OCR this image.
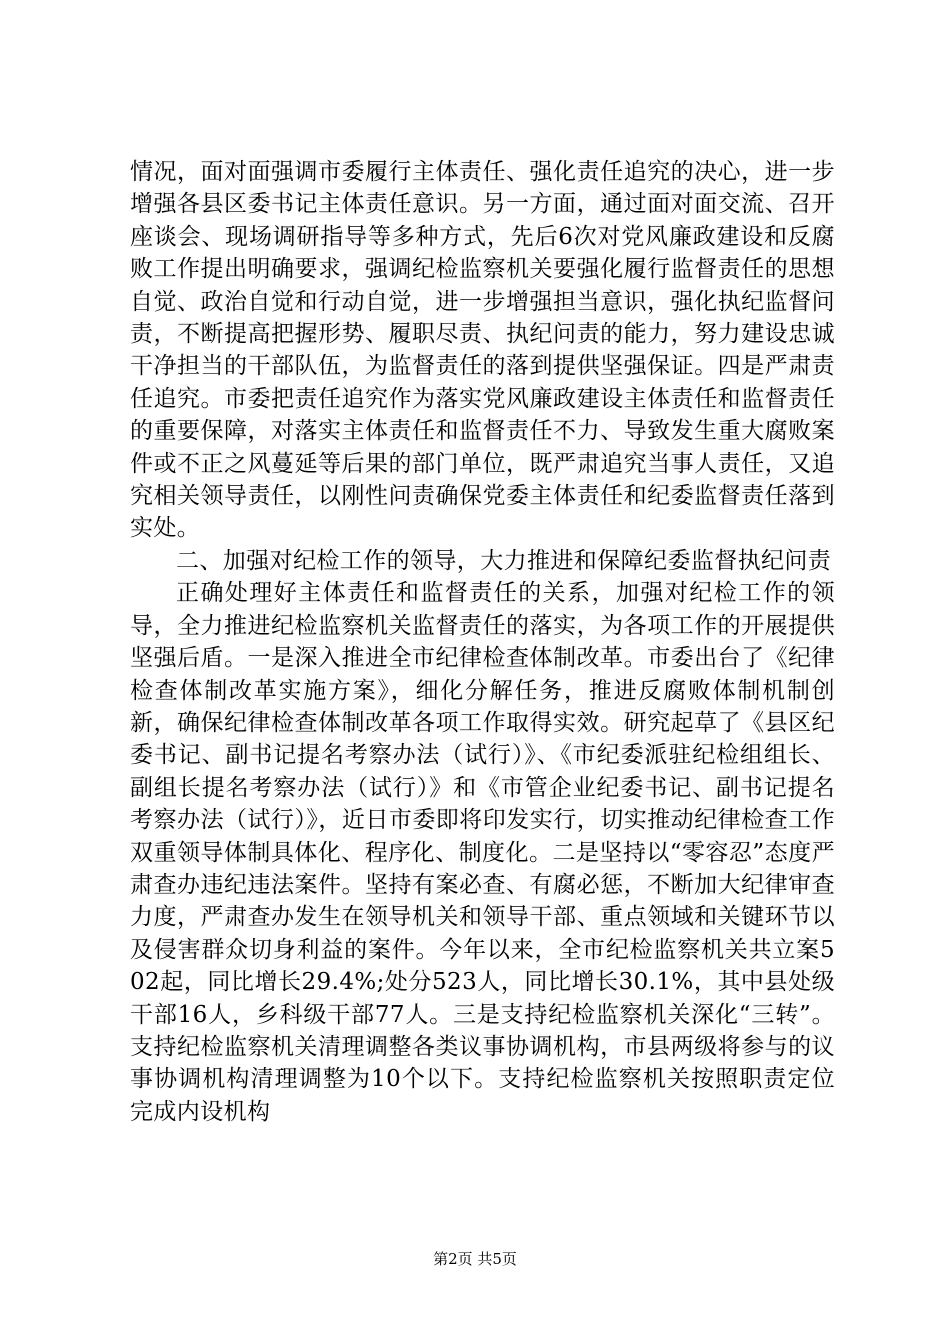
情况，面对面强调市委履行主体责任、强化责任追究的决心，进一步增强各县区委书记主体责任意识。另一方面，通过面对面交流、召开座谈会、现场调研指导等多种方式，先后6次对党风廉政建设和反腐败工作提出明确要求，强调纪检监察机关要强化履行监督责任的思想自觉、政治自觉和行动自觉，进一步增强担当意识，强化执纪监督问责，不断提高把握形势、履职尽责、执纪问责的能力，努力建设忠诚干净担当的干部队伍，为监督责任的落到提供坚强保证。四是严肃责任追究。市委把责任追究作为落实党风廉政建设主体责任和监督责任的重要保障，对落实主体责任和监督责任不力、导致发生重大腐败案件或不正之风蔓延等后果的部门单位，既严肃追究当事人责任，又追究相关领导责任，以刚性问责确保党委主体责任和纪委监督责任落到实处。

二、加强对纪检工作的领导，大力推进和保障纪委监督执纪问责

正确处理好主体责任和监督责任的关系，加强对纪检工作的领导，全力推进纪检监察机关监督责任的落实，为各项工作的开展提供坚强后盾。一是深入推进全市纪律检查体制改革。市委出台了《纪律检查体制改革实施方案》，细化分解任务，推进反腐败体制机制创新，确保纪律检查体制改革各项工作取得实效。研究起草了《县区纪委书记、副书记提名考察办法（试行）》、《市纪委派驻纪检组组长、副组长提名考察办法（试行）》和《市管企业纪委书记、副书记提名考察办法（试行）》，近日市委即将印发实行，切实推动纪律检查工作双重领导体制具体化、程序化、制度化。二是坚持以“零容忍”态度严肃查办违纪违法案件。坚持有案必查、有腐必惩，不断加大纪律审查力度，严肃查办发生在领导机关和领导干部、重点领域和关键环节以及侵害群众切身利益的案件。今年以来，全市纪检监察机关共立案502起，同比增长29.4%;处分523人，同比增长30.1%，其中县处级干部16人，乡科级干部77人。三是支持纪检监察机关深化“三转”。支持纪检监察机关清理调整各类议事协调机构，市县两级将参与的议事协调机构清理调整为10个以下。支持纪检监察机关按照职责定位完成内设机构

第2页 共5页
